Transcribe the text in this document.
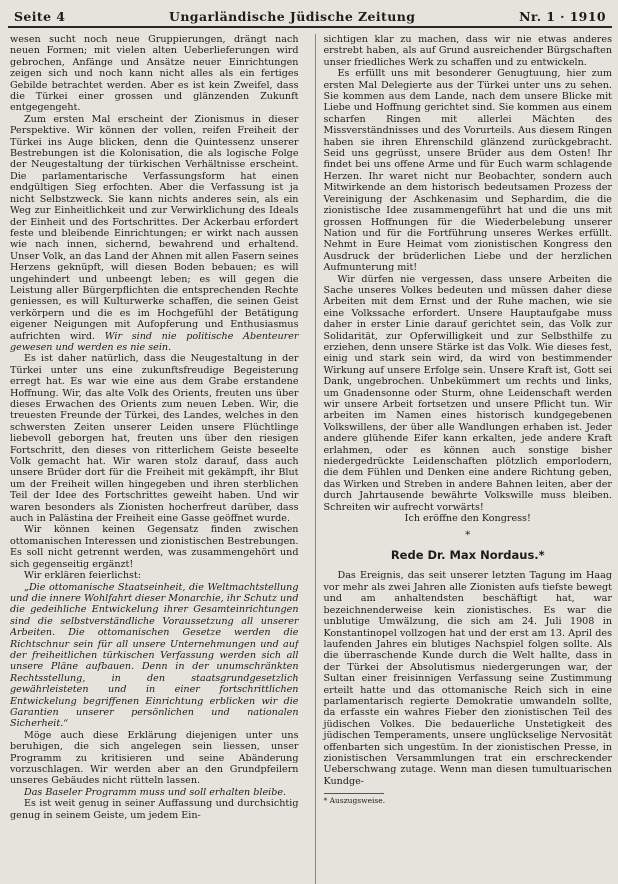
Seite 4	Ungarländische Jüdische Zeitung	Nr. 1 · 1910

wesen sucht noch neue Gruppierungen, drängt nach neuen Formen; mit vielen alten Ueberlieferungen wird gebrochen, Anfänge und Ansätze neuer Einrichtungen zeigen sich und noch kann nicht alles als ein fertiges Gebilde betrachtet werden. Aber es ist kein Zweifel, dass die Türkei einer grossen und glänzenden Zukunft entgegengeht.

Zum ersten Mal erscheint der Zionismus in dieser Perspektive. Wir können der vollen, reifen Freiheit der Türkei ins Auge blicken, denn die Quintessenz unserer Bestrebungen ist die Kolonisation, die als logische Folge der Neugestaltung der türkischen Verhältnisse erscheint. Die parlamentarische Verfassungsform hat einen endgültigen Sieg erfochten. Aber die Verfassung ist ja nicht Selbstzweck. Sie kann nichts anderes sein, als ein Weg zur Einheitlichkeit und zur Verwirklichung des Ideals der Einheit und des Fortschrittes. Der Ackerbau erfordert feste und bleibende Einrichtungen; er wirkt nach aussen wie nach innen, sichernd, bewahrend und erhaltend. Unser Volk, an das Land der Ahnen mit allen Fasern seines Herzens geknüpft, will diesen Boden bebauen; es will ungehindert und unbeengt leben; es will gegen die Leistung aller Bürgerpflichten die entsprechenden Rechte geniessen, es will Kulturwerke schaffen, die seinen Geist verkörpern und die es im Hochgefühl der Betätigung eigener Neigungen mit Aufopferung und Enthusiasmus aufrichten wird. Wir sind nie politische Abenteurer gewesen und werden es nie sein.

Es ist daher natürlich, dass die Neugestaltung in der Türkei unter uns eine zukunftsfreudige Begeisterung erregt hat. Es war wie eine aus dem Grabe erstandene Hoffnung. Wir, das alte Volk des Orients, freuten uns über dieses Erwachen des Orients zum neuen Leben. Wir, die treuesten Freunde der Türkei, des Landes, welches in den schwersten Zeiten unserer Leiden unsere Flüchtlinge liebevoll geborgen hat, freuten uns über den riesigen Fortschritt, den dieses von ritterlichem Geiste beseelte Volk gemacht hat. Wir waren stolz darauf, dass auch unsere Brüder dort für die Freiheit mit gekämpft, ihr Blut um der Freiheit willen hingegeben und ihren sterblichen Teil der Idee des Fortschrittes geweiht haben. Und wir waren besonders als Zionisten hocherfreut darüber, dass auch in Palästina der Freiheit eine Gasse geöffnet wurde.

Wir können keinen Gegensatz finden zwischen ottomanischen Interessen und zionistischen Bestrebungen. Es soll nicht getrennt werden, was zusammengehört und sich gegenseitig ergänzt!

Wir erklären feierlichst:

„Die ottomanische Staatseinheit, die Weltmachtstellung und die innere Wohlfahrt dieser Monarchie, ihr Schutz und die gedeihliche Entwickelung ihrer Gesamteinrichtungen sind die selbstverständliche Voraussetzung all unserer Arbeiten. Die ottomanischen Gesetze werden die Richtschnur sein für all unsere Unternehmungen und auf der freiheitlichen türkischen Verfassung werden sich all unsere Pläne aufbauen. Denn in der unumschränkten Rechtsstellung, in den staatsgrundgesetzlich gewährleisteten und in einer fortschrittlichen Entwickelung begriffenen Einrichtung erblicken wir die Garantien unserer persönlichen und nationalen Sicherheit.“

Möge auch diese Erklärung diejenigen unter uns beruhigen, die sich angelegen sein liessen, unser Programm zu kritisieren und seine Abänderung vorzuschlagen. Wir werden aber an den Grundpfeilern unseres Gebäudes nicht rütteln lassen.

Das Baseler Programm muss und soll erhalten bleibe.

Es ist weit genug in seiner Auffassung und durchsichtig genug in seinem Geiste, um jedem Ein-

sichtigen klar zu machen, dass wir nie etwas anderes erstrebt haben, als auf Grund ausreichender Bürgschaften unser friedliches Werk zu schaffen und zu entwickeln.

Es erfüllt uns mit besonderer Genugtuung, hier zum ersten Mal Delegierte aus der Türkei unter uns zu sehen. Sie kommen aus dem Lande, nach dem unsere Blicke mit Liebe und Hoffnung gerichtet sind. Sie kommen aus einem scharfen Ringen mit allerlei Mächten des Missverständnisses und des Vorurteils. Aus diesem Ringen haben sie ihren Ehrenschild glänzend zurückgebracht. Seid uns gegrüsst, unsere Brüder aus dem Osten! Ihr findet bei uns offene Arme und für Euch warm schlagende Herzen. Ihr waret nicht nur Beobachter, sondern auch Mitwirkende an dem historisch bedeutsamen Prozess der Vereinigung der Aschkenasim und Sephardim, die die zionistische Idee zusammengeführt hat und die uns mit grossen Hoffnungen für die Wiederbelebung unserer Nation und für die Fortführung unseres Werkes erfüllt. Nehmt in Eure Heimat vom zionistischen Kongress den Ausdruck der brüderlichen Liebe und der herzlichen Aufmunterung mit!

Wir dürfen nie vergessen, dass unsere Arbeiten die Sache unseres Volkes bedeuten und müssen daher diese Arbeiten mit dem Ernst und der Ruhe machen, wie sie eine Volkssache erfordert. Unsere Hauptaufgabe muss daher in erster Linie darauf gerichtet sein, das Volk zur Solidarität, zur Opferwilligkeit und zur Selbsthilfe zu erziehen, denn unsere Stärke ist das Volk. Wie dieses fest, einig und stark sein wird, da wird von bestimmender Wirkung auf unsere Erfolge sein. Unsere Kraft ist, Gott sei Dank, ungebrochen. Unbekümmert um rechts und links, um Gnadensonne oder Sturm, ohne Leidenschaft werden wir unsere Arbeit fortsetzen und unsere Pflicht tun. Wir arbeiten im Namen eines historisch kundgegebenen Volkswillens, der über alle Wandlungen erhaben ist. Jeder andere glühende Eifer kann erkalten, jede andere Kraft erlahmen, oder es können auch sonstige bisher niedergedrückte Leidenschaften plötzlich emporlodern, die dem Fühlen und Denken eine andere Richtung geben, das Wirken und Streben in andere Bahnen leiten, aber der durch Jahrtausende bewährte Volkswille muss bleiben. Schreiten wir aufrecht vorwärts!

Ich eröffne den Kongress!

*
Rede Dr. Max Nordaus.*

Das Ereignis, das seit unserer letzten Tagung im Haag vor mehr als zwei Jahren alle Zionisten aufs tiefste bewegt und am anhaltendsten beschäftigt hat, war bezeichnenderweise kein zionistisches. Es war die unblutige Umwälzung, die sich am 24. Juli 1908 in Konstantinopel vollzogen hat und der erst am 13. April des laufenden Jahres ein blutiges Nachspiel folgen sollte. Als die überraschende Kunde durch die Welt hallte, dass in der Türkei der Absolutismus niedergerungen war, der Sultan einer freisinnigen Verfassung seine Zustimmung erteilt hatte und das ottomanische Reich sich in eine parlamentarisch regierte Demokratie umwandeln sollte, da erfasste ein wahres Fieber den zionistischen Teil des jüdischen Volkes. Die bedauerliche Unstetigkeit des jüdischen Temperaments, unsere unglückselige Nervosität offenbarten sich ungestüm. In der zionistischen Presse, in zionistischen Versammlungen trat ein erschreckender Ueberschwang zutage. Wenn man diesen tumultuarischen Kundge-

* Auszugsweise.
